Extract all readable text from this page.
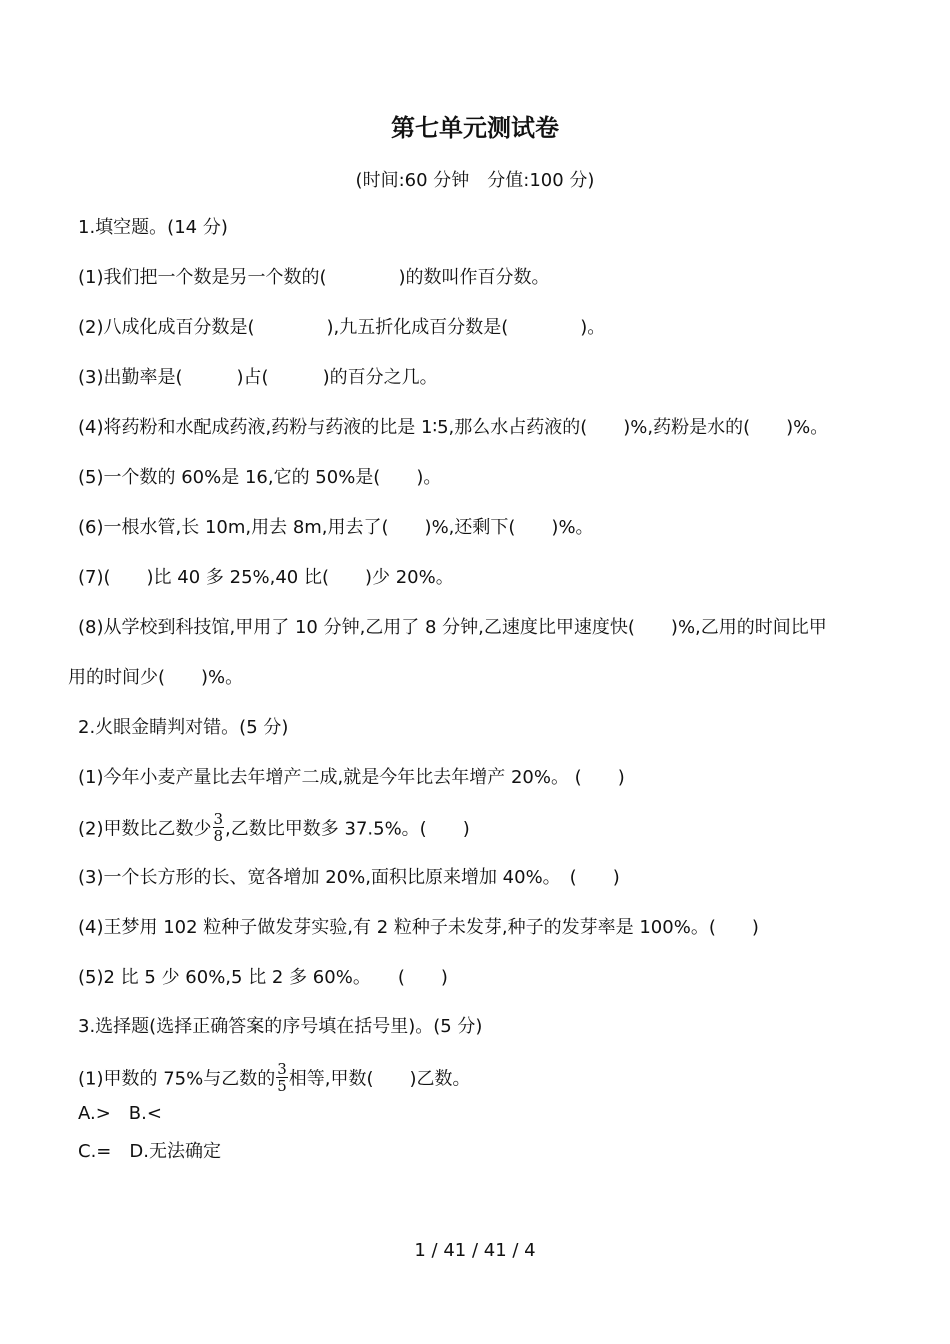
第七单元测试卷
(时间:60 分钟　分值:100 分)
1.填空题。(14 分)
(1)我们把一个数是另一个数的(　　　　)的数叫作百分数。
(2)八成化成百分数是(　　　　),九五折化成百分数是(　　　　)。
(3)出勤率是(　　　)占(　　　)的百分之几。
(4)将药粉和水配成药液,药粉与药液的比是 1∶5,那么水占药液的(　　)%,药粉是水的(　　)%。
(5)一个数的 60%是 16,它的 50%是(　　)。
(6)一根水管,长 10m,用去 8m,用去了(　　)%,还剩下(　　)%。
(7)(　　)比 40 多 25%,40 比(　　)少 20%。
(8)从学校到科技馆,甲用了 10 分钟,乙用了 8 分钟,乙速度比甲速度快(　　)%,乙用的时间比甲
用的时间少(　　)%。
2.火眼金睛判对错。(5 分)
(1)今年小麦产量比去年增产二成,就是今年比去年增产 20%。 (　　)
(2)甲数比乙数少 $\frac{3}{8}$ ,乙数比甲数多 37.5%。(　　)
(3)一个长方形的长、宽各增加 20%,面积比原来增加 40%。　(　　)
(4)王梦用 102 粒种子做发芽实验,有 2 粒种子未发芽,种子的发芽率是 100%。(　　)
(5)2 比 5 少 60%,5 比 2 多 60%。　　(　　)
3.选择题(选择正确答案的序号填在括号里)。(5 分)
(1)甲数的 75%与乙数的 $\frac{3}{5}$ 相等,甲数(　　)乙数。
A.>　B.<
C.=　D.无法确定
1 / 41 / 41 / 4
